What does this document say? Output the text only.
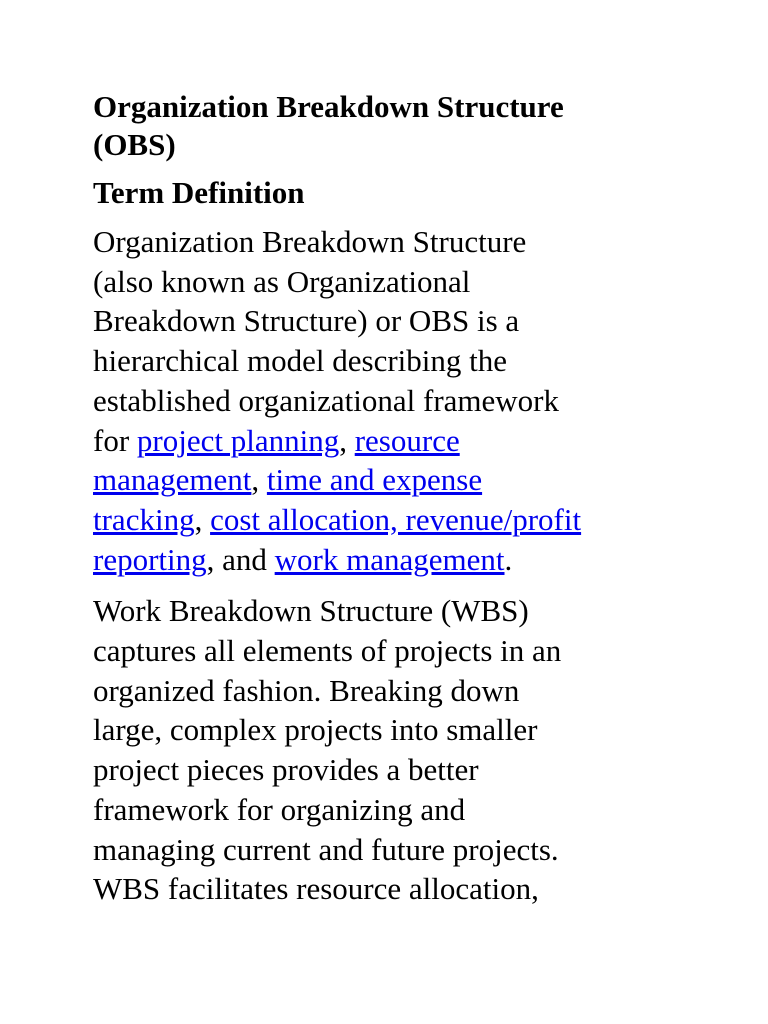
Organization Breakdown Structure
(OBS)
Term Definition

Organization Breakdown Structure
(also known as Organizational
Breakdown Structure) or OBS is a
hierarchical model describing the
established organizational framework
for project planning, resource
management, time and expense
tracking, cost allocation, revenue/profit
reporting, and work management.

Work Breakdown Structure (WBS)
captures all elements of projects in an
organized fashion. Breaking down
large, complex projects into smaller
project pieces provides a better
framework for organizing and
managing current and future projects.
WBS facilitates resource allocation,
